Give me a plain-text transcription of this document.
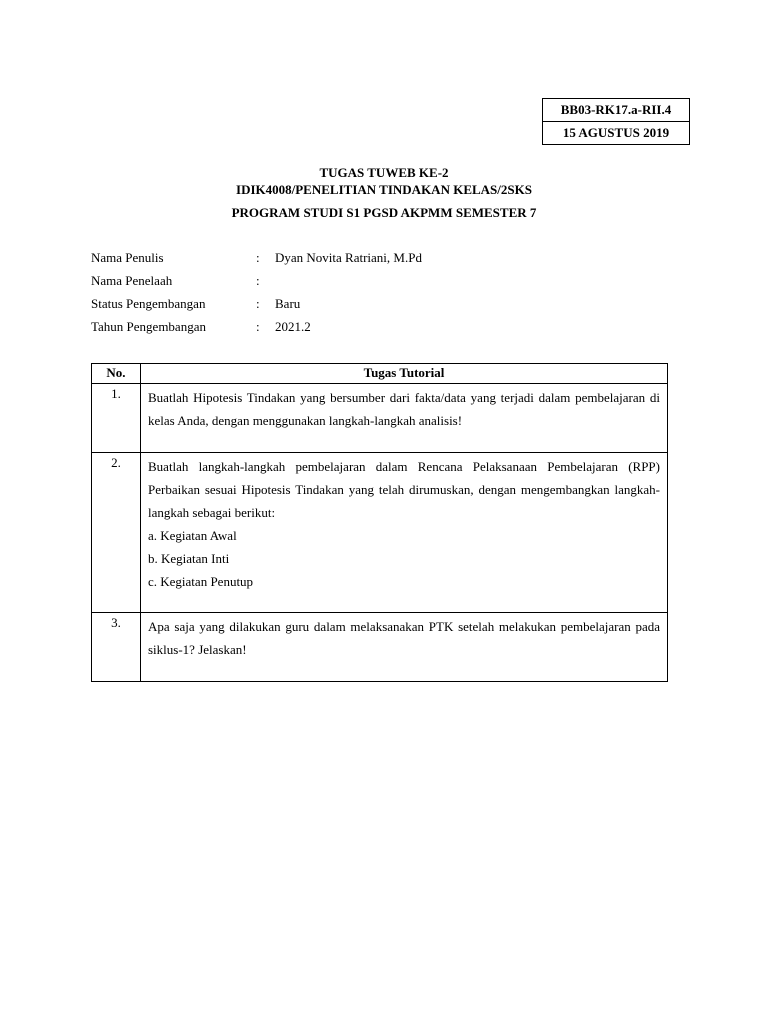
BB03-RK17.a-RII.4
15 AGUSTUS 2019
TUGAS TUWEB KE-2
IDIK4008/PENELITIAN TINDAKAN KELAS/2SKS
PROGRAM STUDI S1 PGSD AKPMM SEMESTER 7
Nama Penulis	: Dyan Novita Ratriani, M.Pd
Nama Penelaah	:
Status Pengembangan	: Baru
Tahun Pengembangan	: 2021.2
No.	Tugas Tutorial
1.	Buatlah Hipotesis Tindakan yang bersumber dari fakta/data yang terjadi dalam pembelajaran di kelas Anda, dengan menggunakan langkah-langkah analisis!
2.	Buatlah langkah-langkah pembelajaran dalam Rencana Pelaksanaan Pembelajaran (RPP) Perbaikan sesuai Hipotesis Tindakan yang telah dirumuskan, dengan mengembangkan langkah-langkah sebagai berikut:
a. Kegiatan Awal
b. Kegiatan Inti
c. Kegiatan Penutup

3.	Apa saja yang dilakukan guru dalam melaksanakan PTK setelah melakukan pembelajaran pada siklus-1? Jelaskan!
